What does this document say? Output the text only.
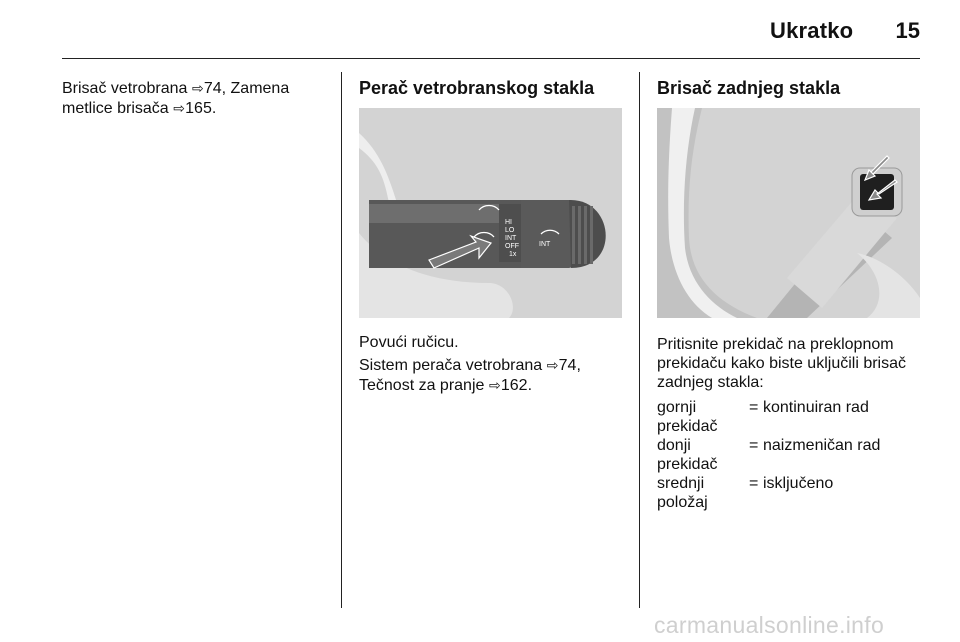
Ukratko	15

Brisač vetrobrana ⇨74, Zamena

metlice brisača ⇨165.

Perač vetrobranskog stakla
HI
LO
INT
OFF
1x
INT

Povući ručicu.

Sistem perača vetrobrana ⇨74,

Tečnost za pranje ⇨162.

Brisač zadnjeg stakla

Pritisnite prekidač na preklopnom

prekidaču kako biste uključili brisač

zadnjeg stakla:

gornji prekidač
= kontinuiran rad
donji prekidač
= naizmeničan rad
srednji položaj
= isključeno
carmanualsonline.info
